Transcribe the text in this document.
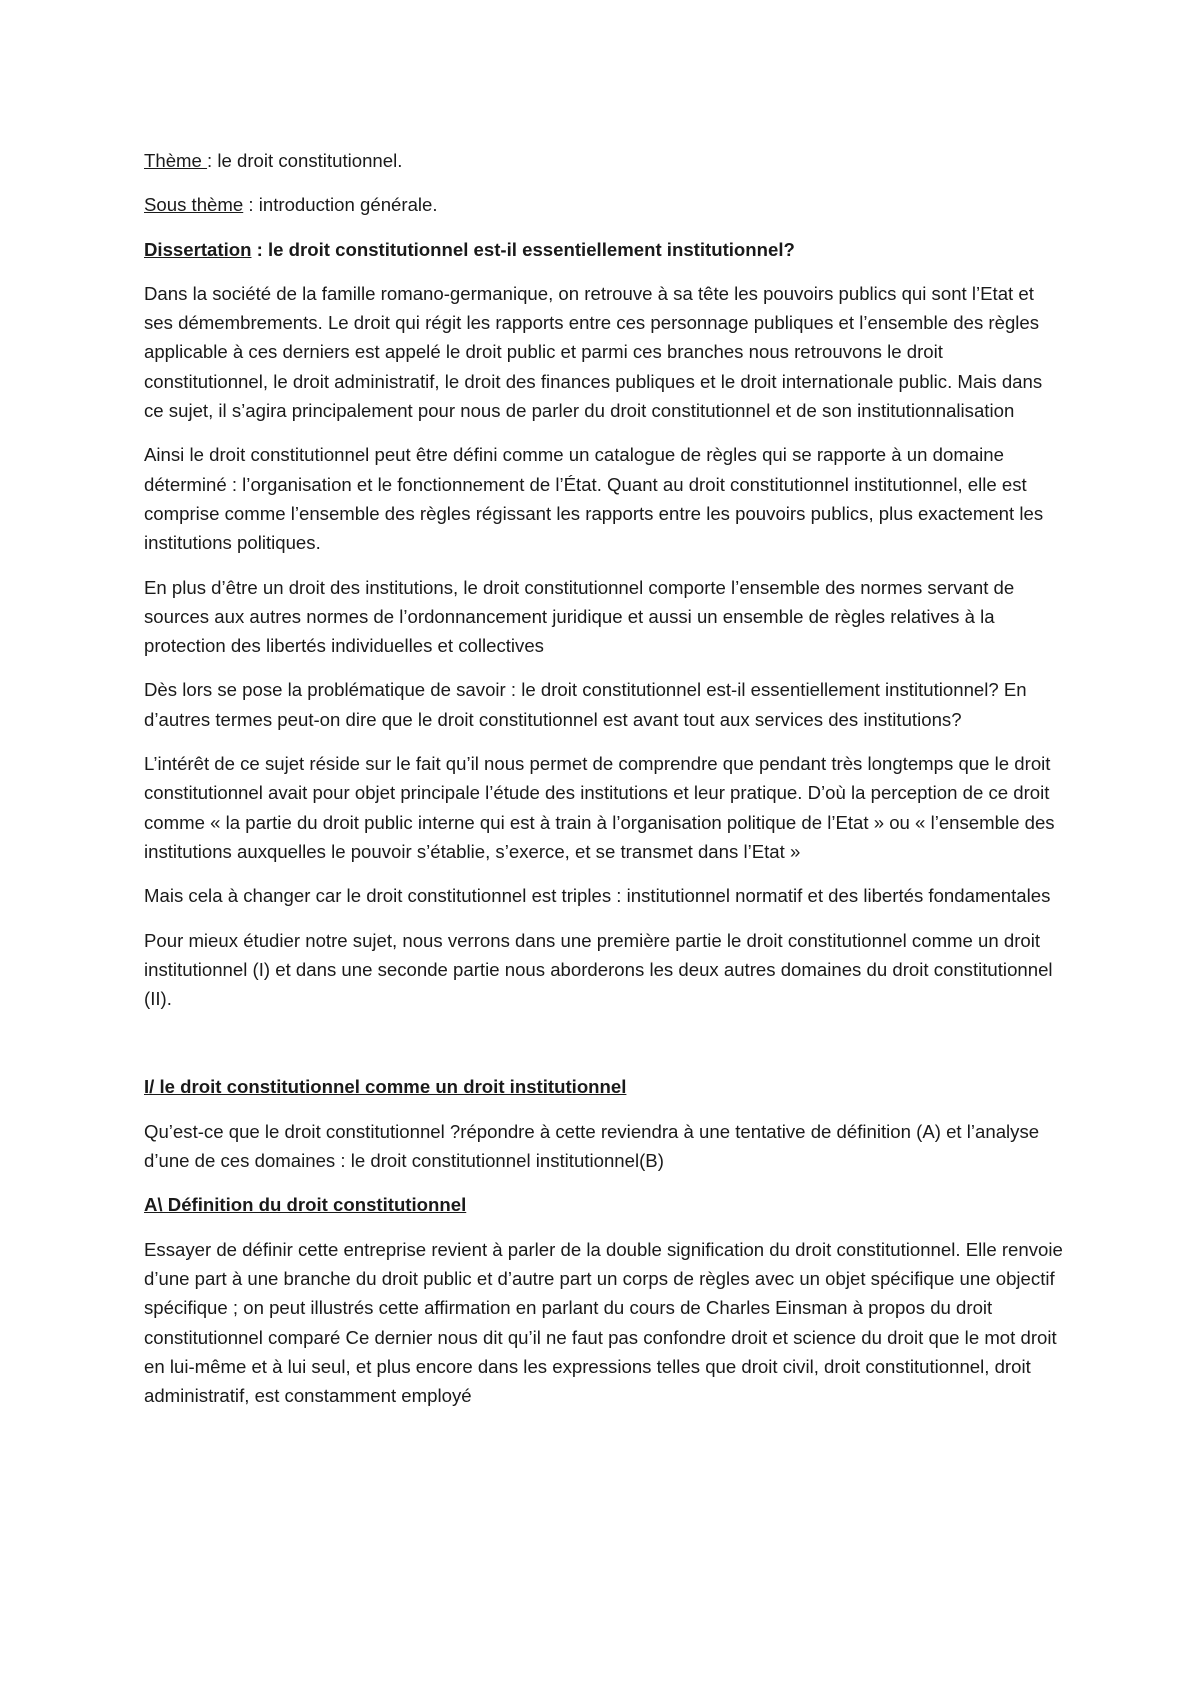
Thème : le droit constitutionnel.

Sous thème : introduction générale.

Dissertation : le droit constitutionnel est-il essentiellement institutionnel?

Dans la société de la famille romano-germanique, on retrouve à sa tête les pouvoirs publics qui sont l’Etat et ses démembrements. Le droit qui régit les rapports entre ces personnage publiques et l’ensemble des règles applicable à ces derniers est appelé le droit public et parmi ces branches nous retrouvons le droit constitutionnel, le droit administratif, le droit des finances publiques et le droit internationale public. Mais dans ce sujet, il s’agira principalement pour nous de parler du droit constitutionnel et de son institutionnalisation

Ainsi le droit constitutionnel peut être défini comme un catalogue de règles qui se rapporte à un domaine déterminé : l’organisation et le fonctionnement de l’État. Quant au droit constitutionnel institutionnel, elle est comprise comme l’ensemble des règles régissant les rapports entre les pouvoirs publics, plus exactement les institutions politiques.

En plus d’être un droit des institutions, le droit constitutionnel comporte l’ensemble des normes servant de sources aux autres normes de l’ordonnancement juridique et aussi un ensemble de règles relatives à la protection des libertés individuelles et collectives

Dès lors se pose la problématique de savoir : le droit constitutionnel est-il essentiellement institutionnel? En d’autres termes peut-on dire que le droit constitutionnel est avant tout aux services des institutions?

L’intérêt de ce sujet réside sur le fait qu’il nous permet de comprendre que pendant très longtemps que le droit constitutionnel avait pour objet principale l’étude des institutions et leur pratique. D’où la perception de ce droit comme « la partie du droit public interne qui est à train à l’organisation politique de l’Etat » ou « l’ensemble des institutions auxquelles le pouvoir s’établie, s’exerce, et se transmet dans l’Etat »

Mais cela à changer car le droit constitutionnel est triples : institutionnel normatif et des libertés fondamentales

Pour mieux étudier notre sujet, nous verrons dans une première partie le droit constitutionnel comme un droit institutionnel (I) et dans une seconde partie nous aborderons les deux autres domaines du droit constitutionnel (II).

I/ le droit constitutionnel comme un droit institutionnel

Qu’est-ce que le droit constitutionnel ?répondre à cette reviendra à une tentative de définition (A) et l’analyse d’une de ces domaines : le droit constitutionnel institutionnel(B)

A\ Définition du droit constitutionnel

Essayer de définir cette entreprise revient à parler de la double signification du droit constitutionnel. Elle renvoie d’une part à une branche du droit public et d’autre part un corps de règles avec un objet spécifique une objectif spécifique ; on peut illustrés cette affirmation en parlant du cours de Charles Einsman à propos du droit constitutionnel comparé Ce dernier nous dit qu’il ne faut pas confondre droit et science du droit que le mot droit en lui-même et à lui seul, et plus encore dans les expressions telles que droit civil, droit constitutionnel, droit administratif, est constamment employé
